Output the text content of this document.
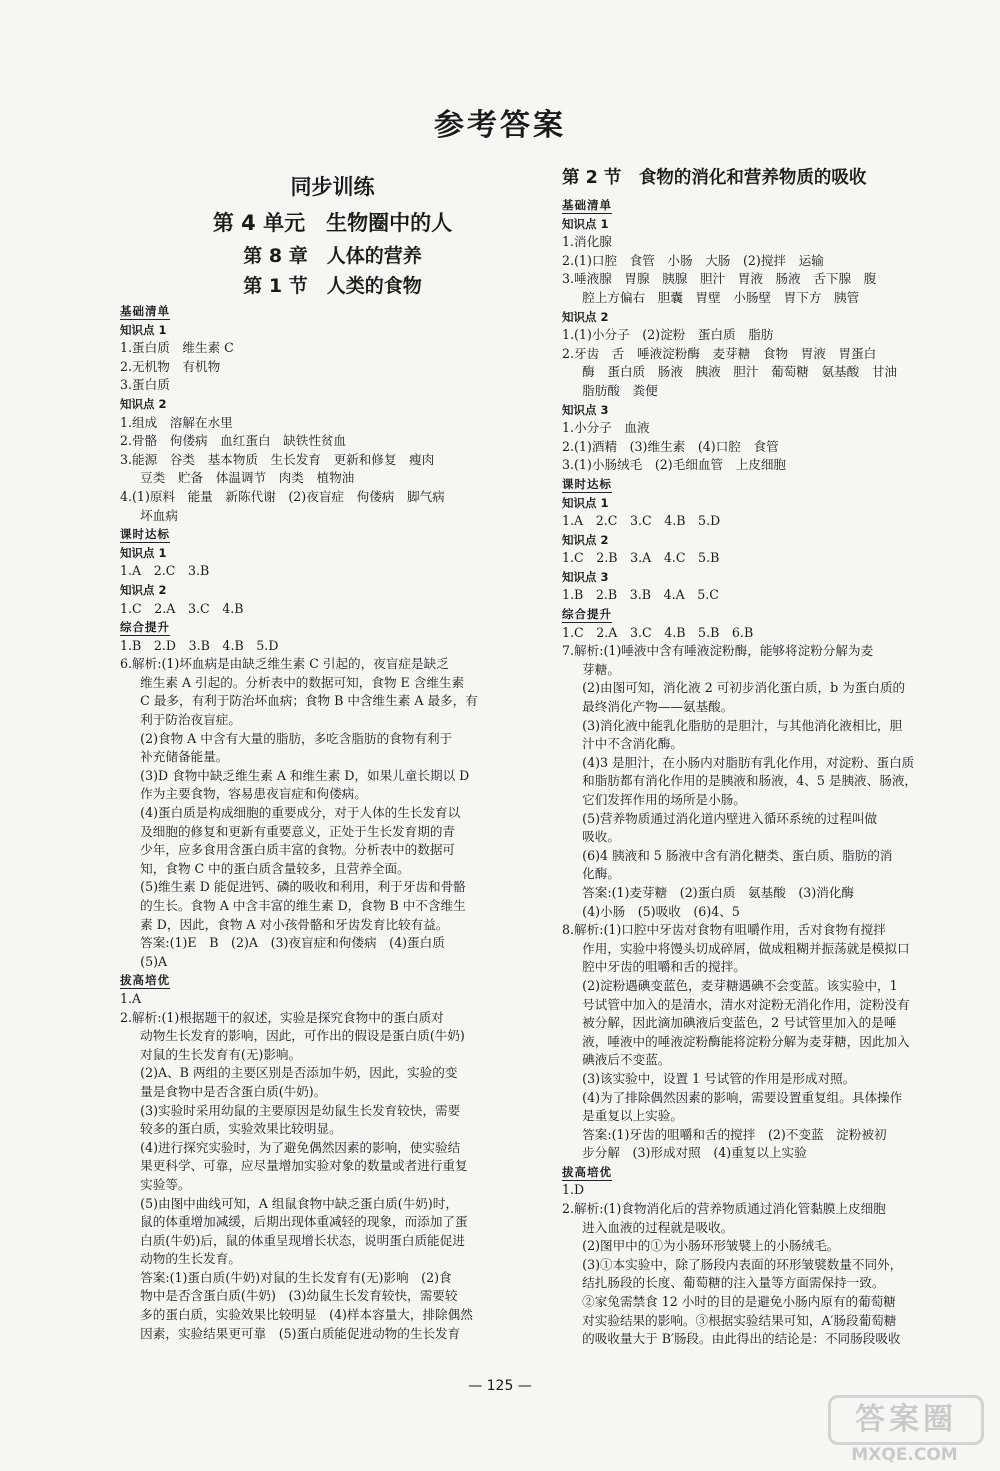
参考答案
同步训练
第 4 单元　生物圈中的人
第 8 章　人体的营养
第 1 节　人类的食物
基础清单
知识点 1
1.蛋白质　维生素 C
2.无机物　有机物
3.蛋白质
知识点 2
1.组成　溶解在水里
2.骨骼　佝偻病　血红蛋白　缺铁性贫血
3.能源　谷类　基本物质　生长发育　更新和修复　瘦肉
豆类　贮备　体温调节　肉类　植物油
4.(1)原料　能量　新陈代谢　(2)夜盲症　佝偻病　脚气病
坏血病
课时达标
知识点 1
1.A　2.C　3.B
知识点 2
1.C　2.A　3.C　4.B
综合提升
1.B　2.D　3.B　4.B　5.D
6.解析:(1)坏血病是由缺乏维生素 C 引起的，夜盲症是缺乏
维生素 A 引起的。分析表中的数据可知，食物 E 含维生素
C 最多，有利于防治坏血病；食物 B 中含维生素 A 最多，有
利于防治夜盲症。
(2)食物 A 中含有大量的脂肪，多吃含脂肪的食物有利于
补充储备能量。
(3)D 食物中缺乏维生素 A 和维生素 D，如果儿童长期以 D
作为主要食物，容易患夜盲症和佝偻病。
(4)蛋白质是构成细胞的重要成分，对于人体的生长发育以
及细胞的修复和更新有重要意义，正处于生长发育期的青
少年，应多食用含蛋白质丰富的食物。分析表中的数据可
知，食物 C 中的蛋白质含量较多，且营养全面。
(5)维生素 D 能促进钙、磷的吸收和利用，利于牙齿和骨骼
的生长。食物 A 中含丰富的维生素 D，食物 B 中不含维生
素 D，因此，食物 A 对小孩骨骼和牙齿发育比较有益。
答案:(1)E　B　(2)A　(3)夜盲症和佝偻病　(4)蛋白质
(5)A
拔高培优
1.A
2.解析:(1)根据题干的叙述，实验是探究食物中的蛋白质对
动物生长发育的影响，因此，可作出的假设是蛋白质(牛奶)
对鼠的生长发育有(无)影响。
(2)A、B 两组的主要区别是否添加牛奶，因此，实验的变
量是食物中是否含蛋白质(牛奶)。
(3)实验时采用幼鼠的主要原因是幼鼠生长发育较快，需要
较多的蛋白质，实验效果比较明显。
(4)进行探究实验时，为了避免偶然因素的影响，使实验结
果更科学、可靠，应尽量增加实验对象的数量或者进行重复
实验等。
(5)由图中曲线可知，A 组鼠食物中缺乏蛋白质(牛奶)时，
鼠的体重增加减缓，后期出现体重减轻的现象，而添加了蛋
白质(牛奶)后，鼠的体重呈现增长状态，说明蛋白质能促进
动物的生长发育。
答案:(1)蛋白质(牛奶)对鼠的生长发育有(无)影响　(2)食
物中是否含蛋白质(牛奶)　(3)幼鼠生长发育较快，需要较
多的蛋白质，实验效果比较明显　(4)样本容量大，排除偶然
因素，实验结果更可靠　(5)蛋白质能促进动物的生长发育
第 2 节　食物的消化和营养物质的吸收
基础清单
知识点 1
1.消化腺
2.(1)口腔　食管　小肠　大肠　(2)搅拌　运输
3.唾液腺　胃腺　胰腺　胆汁　胃液　肠液　舌下腺　腹
腔上方偏右　胆囊　胃壁　小肠壁　胃下方　胰管
知识点 2
1.(1)小分子　(2)淀粉　蛋白质　脂肪
2.牙齿　舌　唾液淀粉酶　麦芽糖　食物　胃液　胃蛋白
酶　蛋白质　肠液　胰液　胆汁　葡萄糖　氨基酸　甘油
脂肪酸　粪便
知识点 3
1.小分子　血液
2.(1)酒精　(3)维生素　(4)口腔　食管
3.(1)小肠绒毛　(2)毛细血管　上皮细胞
课时达标
知识点 1
1.A　2.C　3.C　4.B　5.D
知识点 2
1.C　2.B　3.A　4.C　5.B
知识点 3
1.B　2.B　3.B　4.A　5.C
综合提升
1.C　2.A　3.C　4.B　5.B　6.B
7.解析:(1)唾液中含有唾液淀粉酶，能够将淀粉分解为麦
芽糖。
(2)由图可知，消化液 2 可初步消化蛋白质，b 为蛋白质的
最终消化产物——氨基酸。
(3)消化液中能乳化脂肪的是胆汁，与其他消化液相比，胆
汁中不含消化酶。
(4)3 是胆汁，在小肠内对脂肪有乳化作用，对淀粉、蛋白质
和脂肪都有消化作用的是胰液和肠液，4、5 是胰液、肠液，
它们发挥作用的场所是小肠。
(5)营养物质通过消化道内壁进入循环系统的过程叫做
吸收。
(6)4 胰液和 5 肠液中含有消化糖类、蛋白质、脂肪的消
化酶。
答案:(1)麦芽糖　(2)蛋白质　氨基酸　(3)消化酶
(4)小肠　(5)吸收　(6)4、5
8.解析:(1)口腔中牙齿对食物有咀嚼作用，舌对食物有搅拌
作用，实验中将馒头切成碎屑，做成粗糊并振荡就是模拟口
腔中牙齿的咀嚼和舌的搅拌。
(2)淀粉遇碘变蓝色，麦芽糖遇碘不会变蓝。该实验中，1
号试管中加入的是清水，清水对淀粉无消化作用，淀粉没有
被分解，因此滴加碘液后变蓝色，2 号试管里加入的是唾
液，唾液中的唾液淀粉酶能将淀粉分解为麦芽糖，因此加入
碘液后不变蓝。
(3)该实验中，设置 1 号试管的作用是形成对照。
(4)为了排除偶然因素的影响，需要设置重复组。具体操作
是重复以上实验。
答案:(1)牙齿的咀嚼和舌的搅拌　(2)不变蓝　淀粉被初
步分解　(3)形成对照　(4)重复以上实验
拔高培优
1.D
2.解析:(1)食物消化后的营养物质通过消化管黏膜上皮细胞
进入血液的过程就是吸收。
(2)图甲中的①为小肠环形皱襞上的小肠绒毛。
(3)①本实验中，除了肠段内表面的环形皱襞数量不同外，
结扎肠段的长度、葡萄糖的注入量等方面需保持一致。
②家兔需禁食 12 小时的目的是避免小肠内原有的葡萄糖
对实验结果的影响。③根据实验结果可知，A′肠段葡萄糖
的吸收量大于 B′肠段。由此得出的结论是：不同肠段吸收
— 125 —
答案圈
MXQE.COM
